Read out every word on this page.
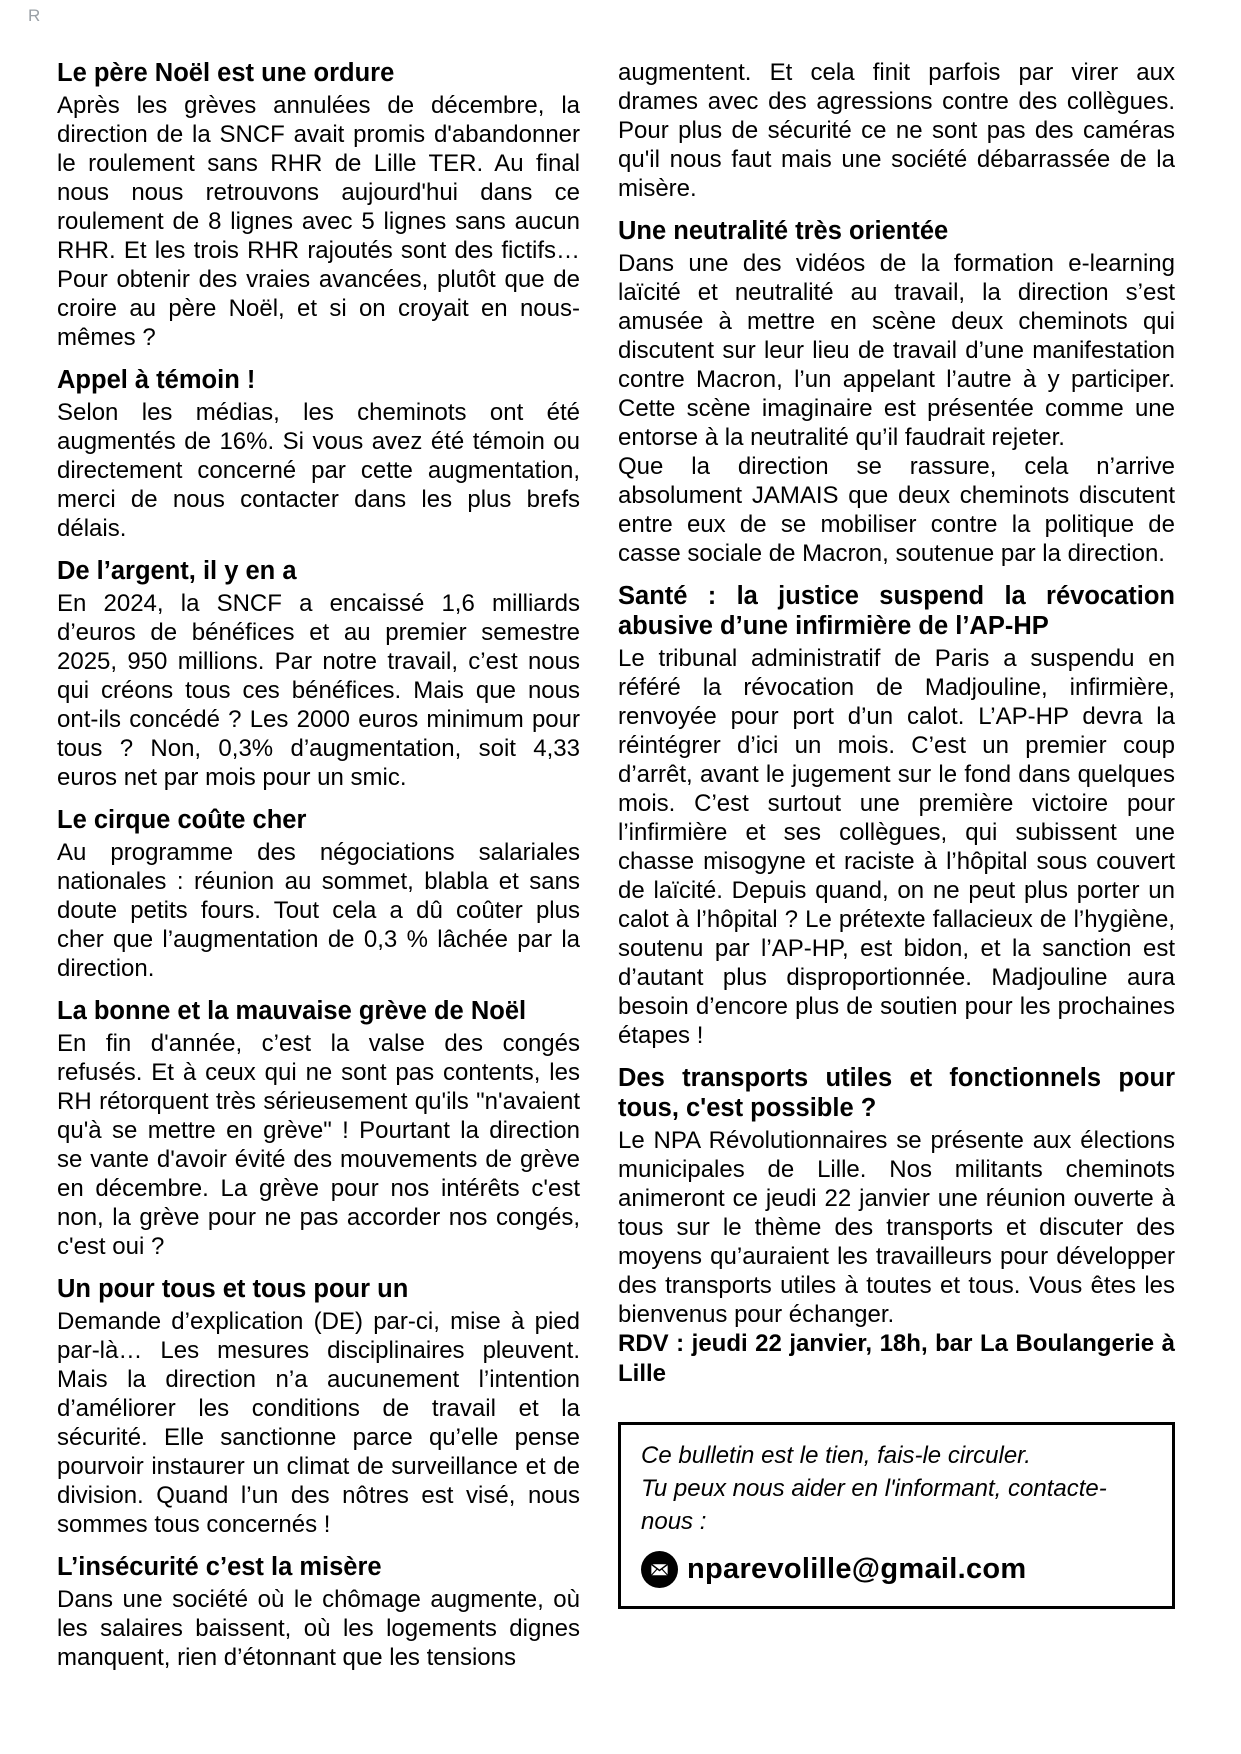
R
Le père Noël est une ordure

Après les grèves annulées de décembre, la direction de la SNCF avait promis d'abandonner le roulement sans RHR de Lille TER. Au final nous nous retrouvons aujourd'hui dans ce roulement de 8 lignes avec 5 lignes sans aucun RHR. Et les trois RHR rajoutés sont des fictifs… Pour obtenir des vraies avancées, plutôt que de croire au père Noël, et si on croyait en nous-mêmes ?

Appel à témoin !

Selon les médias, les cheminots ont été augmentés de 16%. Si vous avez été témoin ou directement concerné par cette augmentation, merci de nous contacter dans les plus brefs délais.

De l’argent, il y en a

En 2024, la SNCF a encaissé 1,6 milliards d’euros de bénéfices et au premier semestre 2025, 950 millions. Par notre travail, c’est nous qui créons tous ces bénéfices. Mais que nous ont-ils concédé ? Les 2000 euros minimum pour tous ? Non, 0,3% d’augmentation, soit 4,33 euros net par mois pour un smic.

Le cirque coûte cher

Au programme des négociations salariales nationales : réunion au sommet, blabla et sans doute petits fours. Tout cela a dû coûter plus cher que l’augmentation de 0,3 % lâchée par la direction.

La bonne et la mauvaise grève de Noël

En fin d'année, c’est la valse des congés refusés. Et à ceux qui ne sont pas contents, les RH rétorquent très sérieusement qu'ils "n'avaient qu'à se mettre en grève" ! Pourtant la direction se vante d'avoir évité des mouvements de grève en décembre. La grève pour nos intérêts c'est non, la grève pour ne pas accorder nos congés, c'est oui ?

Un pour tous et tous pour un

Demande d’explication (DE) par-ci, mise à pied par-là… Les mesures disciplinaires pleuvent. Mais la direction n’a aucunement l’intention d’améliorer les conditions de travail et la sécurité. Elle sanctionne parce qu’elle pense pourvoir instaurer un climat de surveillance et de division. Quand l’un des nôtres est visé, nous sommes tous concernés !

L’insécurité c’est la misère

Dans une société où le chômage augmente, où les salaires baissent, où les logements dignes manquent, rien d’étonnant que les tensions

augmentent. Et cela finit parfois par virer aux drames avec des agressions contre des collègues. Pour plus de sécurité ce ne sont pas des caméras qu'il nous faut mais une société débarrassée de la misère.

Une neutralité très orientée

Dans une des vidéos de la formation e-learning laïcité et neutralité au travail, la direction s’est amusée à mettre en scène deux cheminots qui discutent sur leur lieu de travail d’une manifestation contre Macron, l’un appelant l’autre à y participer. Cette scène imaginaire est présentée comme une entorse à la neutralité qu’il faudrait rejeter.

Que la direction se rassure, cela n’arrive absolument JAMAIS que deux cheminots discutent entre eux de se mobiliser contre la politique de casse sociale de Macron, soutenue par la direction.

Santé : la justice suspend la révocation abusive d’une infirmière de l’AP-HP

Le tribunal administratif de Paris a suspendu en référé la révocation de Madjouline, infirmière, renvoyée pour port d’un calot. L’AP-HP devra la réintégrer d’ici un mois. C’est un premier coup d’arrêt, avant le jugement sur le fond dans quelques mois. C’est surtout une première victoire pour l’infirmière et ses collègues, qui subissent une chasse misogyne et raciste à l’hôpital sous couvert de laïcité. Depuis quand, on ne peut plus porter un calot à l’hôpital ? Le prétexte fallacieux de l’hygiène, soutenu par l’AP-HP, est bidon, et la sanction est d’autant plus disproportionnée. Madjouline aura besoin d’encore plus de soutien pour les prochaines étapes !

Des transports utiles et fonctionnels pour tous, c'est possible ?

Le NPA Révolutionnaires se présente aux élections municipales de Lille. Nos militants cheminots animeront ce jeudi 22 janvier une réunion ouverte à tous sur le thème des transports et discuter des moyens qu’auraient les travailleurs pour développer des transports utiles à toutes et tous. Vous êtes les bienvenus pour échanger.

RDV : jeudi 22 janvier, 18h, bar La Boulangerie à Lille

Ce bulletin est le tien, fais-le circuler.

Tu peux nous aider en l'informant, contacte-nous :

nparevolille@gmail.com
